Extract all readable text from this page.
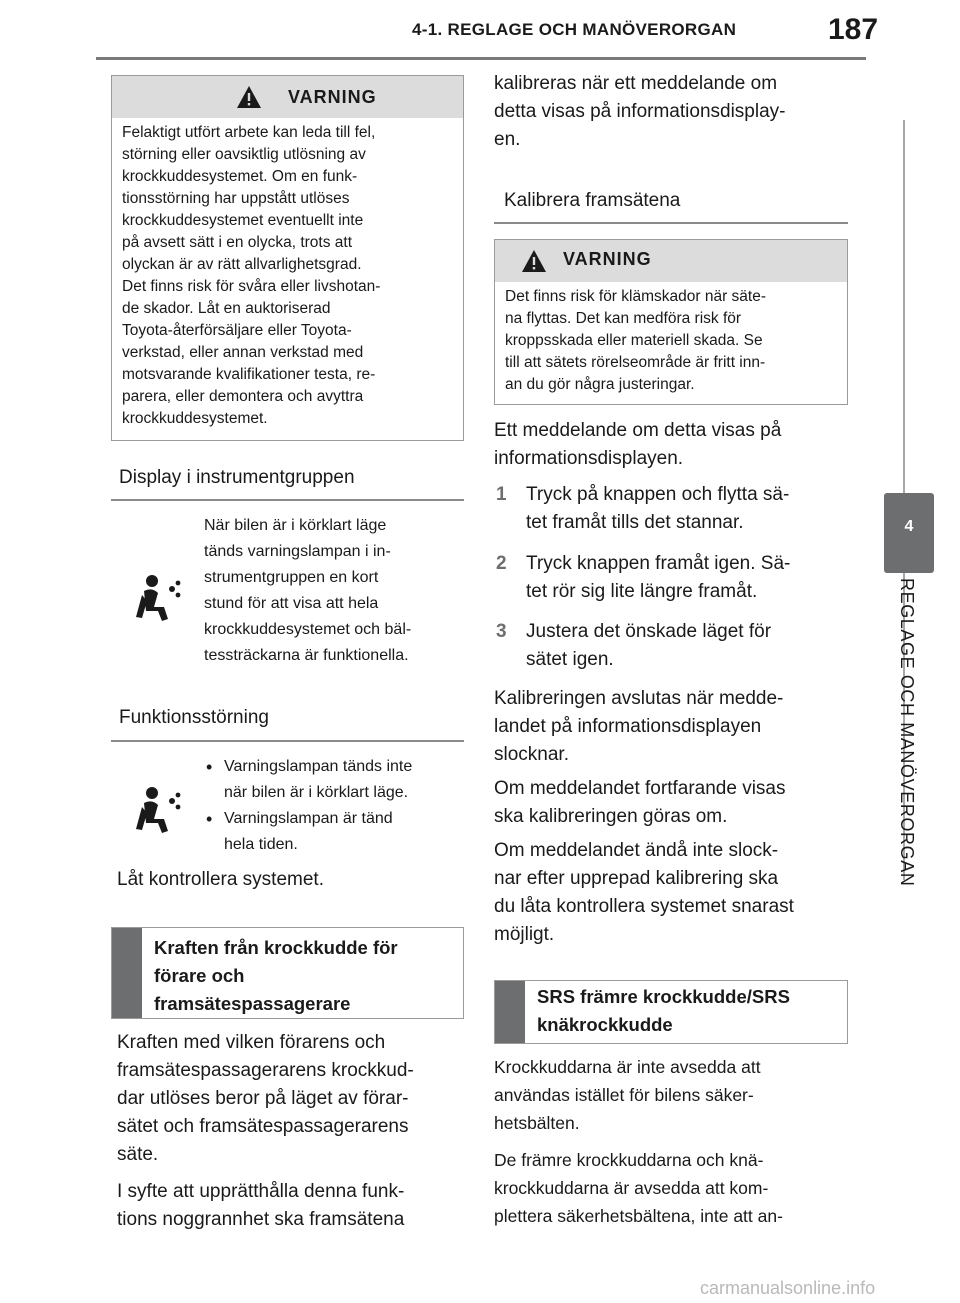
4-1. REGLAGE OCH MANÖVERORGAN	187
4
REGLAGE OCH MANÖVERORGAN
VARNING
Felaktigt utfört arbete kan leda till fel,
störning eller oavsiktlig utlösning av
krockkuddesystemet. Om en funk-
tionsstörning har uppstått utlöses
krockkuddesystemet eventuellt inte
på avsett sätt i en olycka, trots att
olyckan är av rätt allvarlighetsgrad.
Det finns risk för svåra eller livshotan-
de skador. Låt en auktoriserad
Toyota-återförsäljare eller Toyota-
verkstad, eller annan verkstad med
motsvarande kvalifikationer testa, re-
parera, eller demontera och avyttra
krockkuddesystemet.
Display i instrumentgruppen
När bilen är i körklart läge
tänds varningslampan i in-
strumentgruppen en kort
stund för att visa att hela
krockkuddesystemet och bäl-
tessträckarna är funktionella.
Funktionsstörning
• Varningslampan tänds inte
när bilen är i körklart läge.
• Varningslampan är tänd
hela tiden.
Låt kontrollera systemet.
Kraften från krockkudde för
förare och
framsätespassagerare
Kraften med vilken förarens och
framsätespassagerarens krockkud-
dar utlöses beror på läget av förar-
sätet och framsätespassagerarens
säte.
I syfte att upprätthålla denna funk-
tions noggrannhet ska framsätena
kalibreras när ett meddelande om
detta visas på informationsdisplay-
en.
Kalibrera framsätena
VARNING
Det finns risk för klämskador när säte-
na flyttas. Det kan medföra risk för
kroppsskada eller materiell skada. Se
till att sätets rörelseområde är fritt inn-
an du gör några justeringar.
Ett meddelande om detta visas på
informationsdisplayen.
1 Tryck på knappen och flytta sä-
tet framåt tills det stannar.
2 Tryck knappen framåt igen. Sä-
tet rör sig lite längre framåt.
3 Justera det önskade läget för
sätet igen.
Kalibreringen avslutas när medde-
landet på informationsdisplayen
slocknar.
Om meddelandet fortfarande visas
ska kalibreringen göras om.
Om meddelandet ändå inte slock-
nar efter upprepad kalibrering ska
du låta kontrollera systemet snarast
möjligt.
SRS främre krockkudde/SRS
knäkrockkudde
Krockkuddarna är inte avsedda att
användas istället för bilens säker-
hetsbälten.
De främre krockkuddarna och knä-
krockkuddarna är avsedda att kom-
plettera säkerhetsbältena, inte att an-
carmanualsonline.info
